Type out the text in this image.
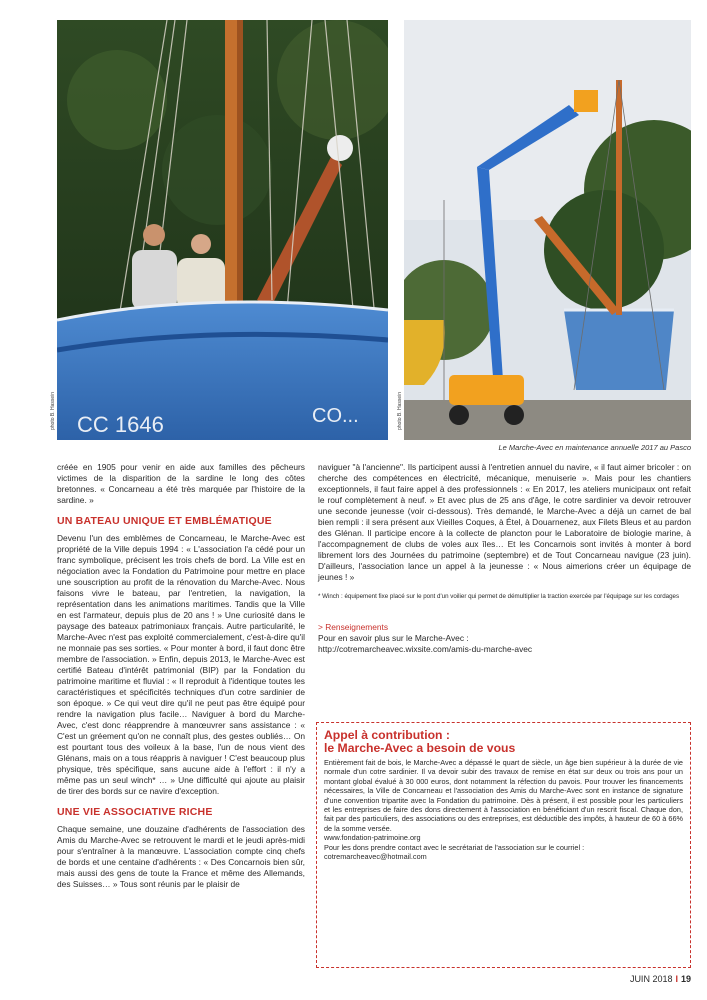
CC 1646	CO...
photo B. Hassein	photo B. Hassein
Le Marche-Avec en maintenance annuelle 2017 au Pasco

créée en 1905 pour venir en aide aux familles des pêcheurs victimes de la disparition de la sardine le long des côtes bretonnes. « Concarneau a été très marquée par l'histoire de la sardine. »

UN BATEAU UNIQUE ET EMBLÉMATIQUE

Devenu l'un des emblèmes de Concarneau, le Marche-Avec est propriété de la Ville depuis 1994 : « L'association l'a cédé pour un franc symbolique, précisent les trois chefs de bord. La Ville est en négociation avec la Fondation du Patrimoine pour mettre en place une souscription au profit de la rénovation du Marche-Avec. Nous faisons vivre le bateau, par l'entretien, la navigation, la représentation dans les animations maritimes. Tandis que la Ville en est l'armateur, depuis plus de 20 ans ! » Une curiosité dans le paysage des bateaux patrimoniaux français. Autre particularité, le Marche-Avec n'est pas exploité commercialement, c'est-à-dire qu'il ne monnaie pas ses sorties. « Pour monter à bord, il faut donc être membre de l'association. » Enfin, depuis 2013, le Marche-Avec est certifié Bateau d'intérêt patrimonial (BIP) par la Fondation du patrimoine maritime et fluvial : « Il reproduit à l'identique toutes les caractéristiques et spécificités techniques d'un cotre sardinier de son époque. » Ce qui veut dire qu'il ne peut pas être équipé pour rendre la navigation plus facile… Naviguer à bord du Marche-Avec, c'est donc réapprendre à manœuvrer sans assistance : « C'est un gréement qu'on ne connaît plus, des gestes oubliés… On est pourtant tous des voileux à la base, l'un de nous vient des Glénans, mais on a tous réappris à naviguer ! C'est beaucoup plus physique, très spécifique, sans aucune aide à l'effort : il n'y a même pas un seul winch* … » Une difficulté qui ajoute au plaisir de tirer des bords sur ce navire d'exception.

UNE VIE ASSOCIATIVE RICHE

Chaque semaine, une douzaine d'adhérents de l'association des Amis du Marche-Avec se retrouvent le mardi et le jeudi après-midi pour s'entraîner à la manœuvre. L'association compte cinq chefs de bords et une centaine d'adhérents : « Des Concarnois bien sûr, mais aussi des gens de toute la France et même des Allemands, des Suisses… » Tous sont réunis par le plaisir de

naviguer "à l'ancienne". Ils participent aussi à l'entretien annuel du navire, « il faut aimer bricoler : on cherche des compétences en électricité, mécanique, menuiserie ». Mais pour les chantiers exceptionnels, il faut faire appel à des professionnels : « En 2017, les ateliers municipaux ont refait le rouf complètement à neuf. » Et avec plus de 25 ans d'âge, le cotre sardinier va devoir retrouver une seconde jeunesse (voir ci-dessous). Très demandé, le Marche-Avec a déjà un carnet de bal bien rempli : il sera présent aux Vieilles Coques, à Étel, à Douarnenez, aux Filets Bleus et au pardon des Glénan. Il participe encore à la collecte de plancton pour le Laboratoire de biologie marine, à l'accompagnement de clubs de voles aux îles… Et les Concarnois sont invités à monter à bord librement lors des Journées du patrimoine (septembre) et de Tout Concarneau navigue (23 juin). D'ailleurs, l'association lance un appel à la jeunesse : « Nous aimerions créer un équipage de jeunes ! »

* Winch : équipement fixe placé sur le pont d'un voilier qui permet de démultiplier la traction exercée par l'équipage sur les cordages

> Renseignements
Pour en savoir plus sur le Marche-Avec :
http://cotremarcheavec.wixsite.com/amis-du-marche-avec
Appel à contribution :
le Marche-Avec a besoin de vous

Entièrement fait de bois, le Marche-Avec a dépassé le quart de siècle, un âge bien supérieur à la durée de vie normale d'un cotre sardinier. Il va devoir subir des travaux de remise en état sur deux ou trois ans pour un montant global évalué à 30 000 euros, dont notamment la réfection du pavois. Pour trouver les financements nécessaires, la Ville de Concarneau et l'association des Amis du Marche-Avec sont en instance de signature d'une convention tripartite avec la Fondation du patrimoine. Dès à présent, il est possible pour les particuliers et les entreprises de faire des dons directement à l'association en bénéficiant d'un rescrit fiscal. Chaque don, fait par des particuliers, des associations ou des entreprises, est déductible des impôts, à hauteur de 60 à 66% de la somme versée.

www.fondation-patrimoine.org

Pour les dons prendre contact avec le secrétariat de l'association sur le courriel :

cotremarcheavec@hotmail.com

JUIN 2018 I 19
